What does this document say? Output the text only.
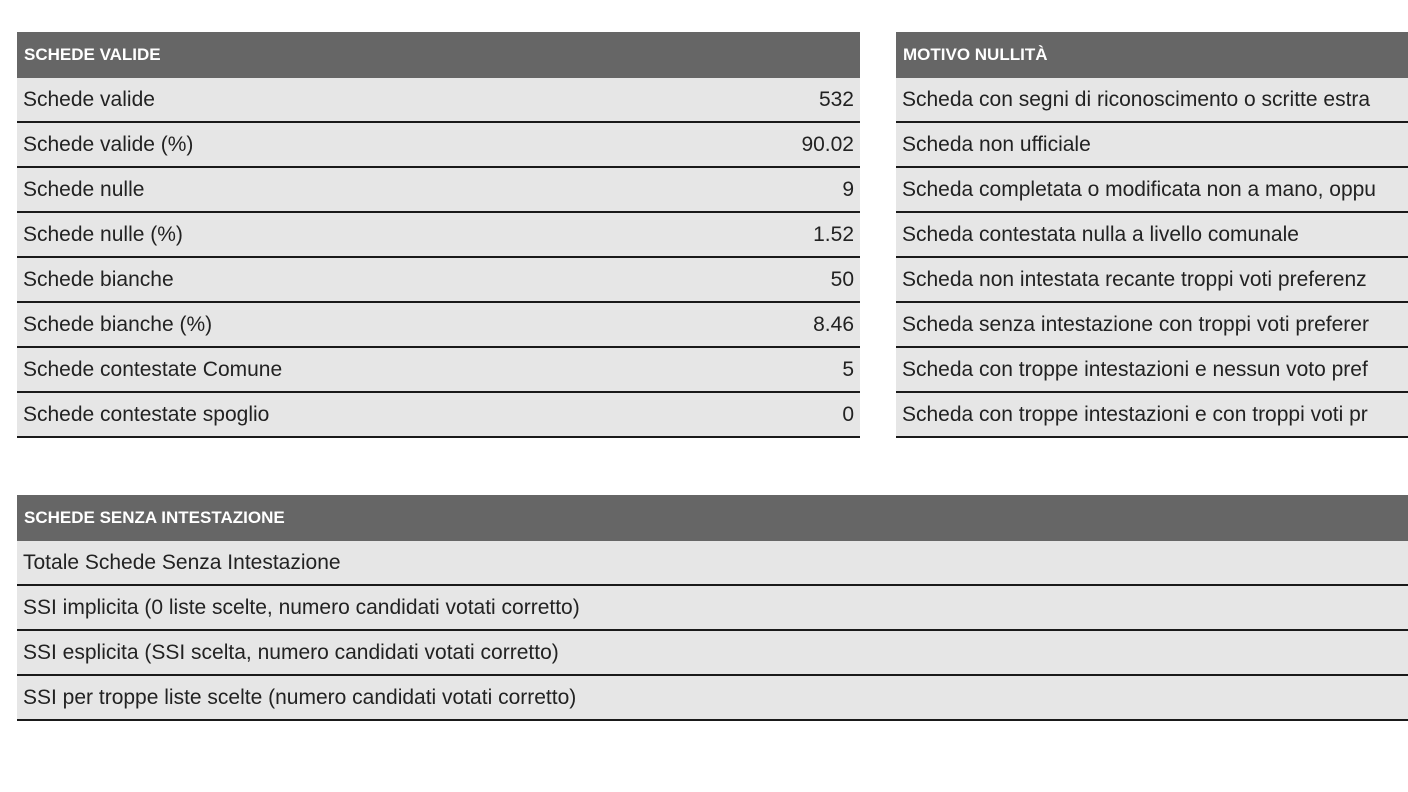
SCHEDE VALIDE	
Schede valide	532
Schede valide (%)	90.02
Schede nulle	9
Schede nulle (%)	1.52
Schede bianche	50
Schede bianche (%)	8.46
Schede contestate Comune	5
Schede contestate spoglio	0
MOTIVO NULLITÀ
Scheda con segni di riconoscimento o scritte estra
Scheda non ufficiale
Scheda completata o modificata non a mano, oppu
Scheda contestata nulla a livello comunale
Scheda non intestata recante troppi voti preferenz
Scheda senza intestazione con troppi voti preferer
Scheda con troppe intestazioni e nessun voto pref
Scheda con troppe intestazioni e con troppi voti pr
SCHEDE SENZA INTESTAZIONE
Totale Schede Senza Intestazione
SSI implicita (0 liste scelte, numero candidati votati corretto)
SSI esplicita (SSI scelta, numero candidati votati corretto)
SSI per troppe liste scelte (numero candidati votati corretto)
